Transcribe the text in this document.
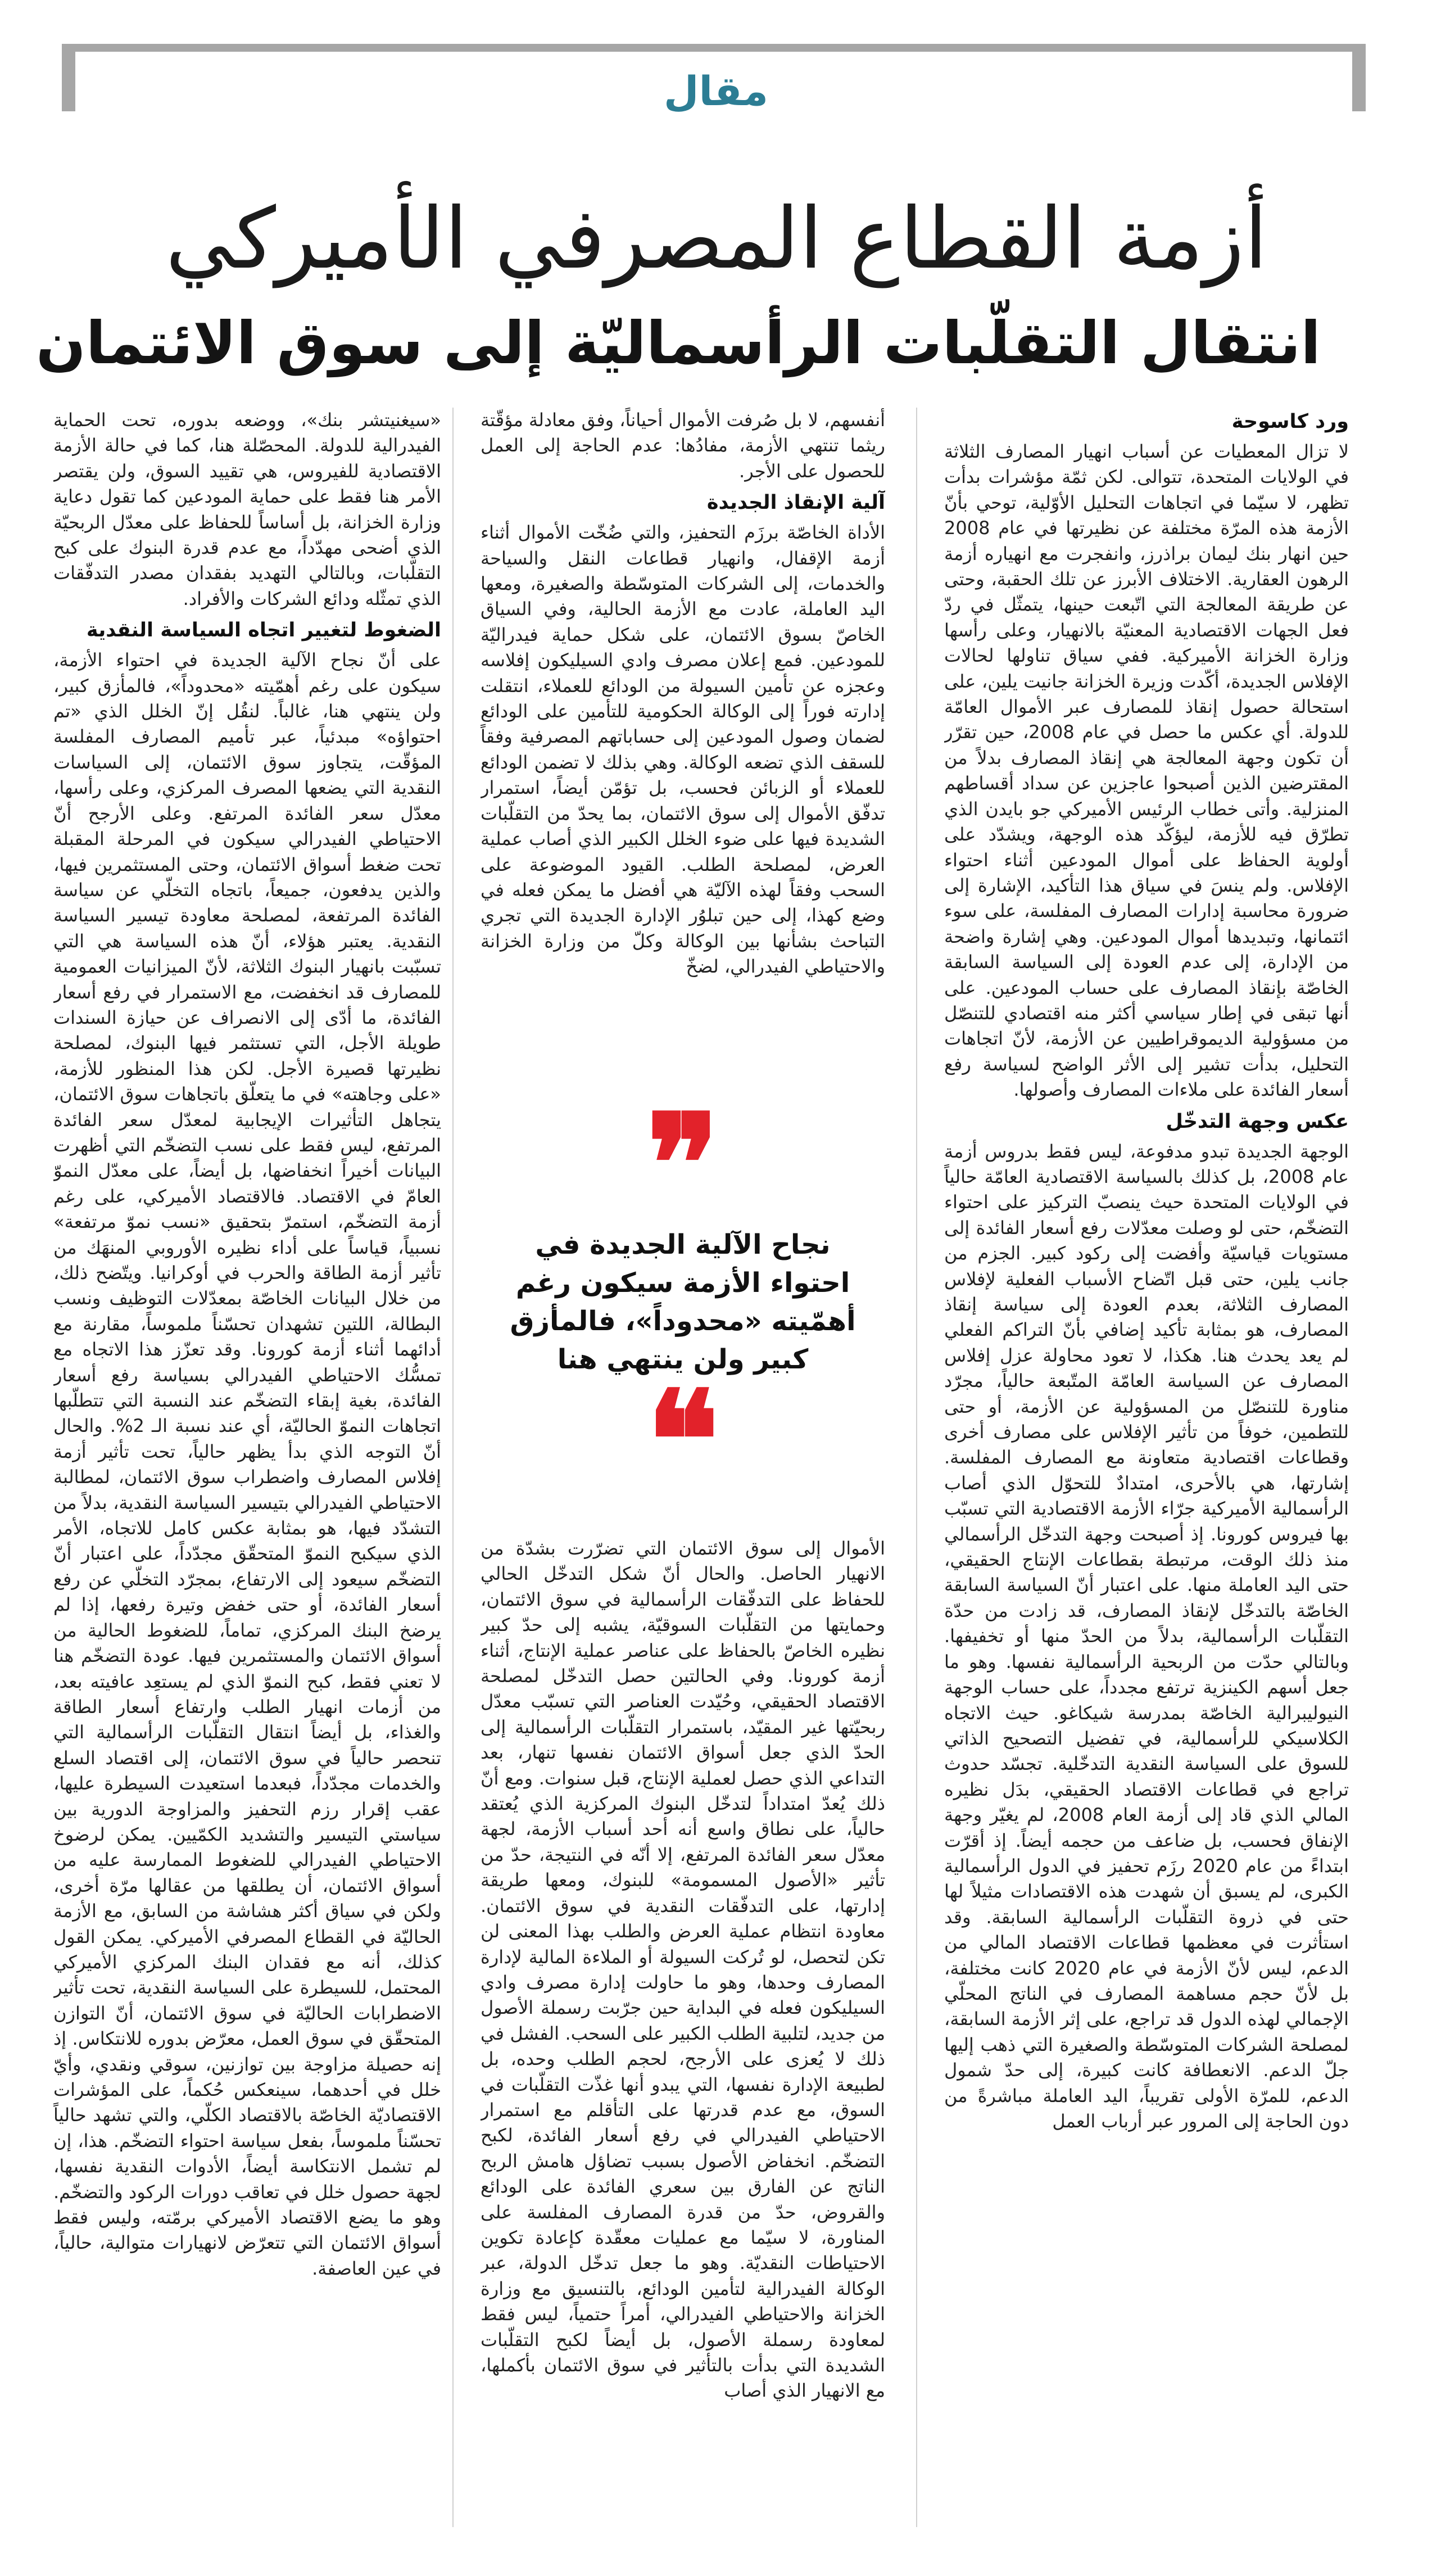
مقال
أزمة القطاع المصرفي الأميركي
انتقال التقلّبات الرأسماليّة إلى سوق الائتمان
ورد كاسوحة

لا تزال المعطيات عن أسباب انهيار المصارف الثلاثة في الولايات المتحدة، تتوالى. لكن ثمّة مؤشرات بدأت تظهر، لا سيّما في اتجاهات التحليل الأوّلية، توحي بأنّ الأزمة هذه المرّة مختلفة عن نظيرتها في عام 2008 حين انهار بنك ليمان براذرز، وانفجرت مع انهياره أزمة الرهون العقارية. الاختلاف الأبرز عن تلك الحقبة، وحتى عن طريقة المعالجة التي اتّبعت حينها، يتمثّل في ردّ فعل الجهات الاقتصادية المعنيّة بالانهيار، وعلى رأسها وزارة الخزانة الأميركية. ففي سياق تناولها لحالات الإفلاس الجديدة، أكّدت وزيرة الخزانة جانيت يلين، على استحالة حصول إنقاذ للمصارف عبر الأموال العامّة للدولة. أي عكس ما حصل في عام 2008، حين تقرّر أن تكون وجهة المعالجة هي إنقاذ المصارف بدلاً من المقترضين الذين أصبحوا عاجزين عن سداد أقساطهم المنزلية. وأتى خطاب الرئيس الأميركي جو بايدن الذي تطرّق فيه للأزمة، ليؤكّد هذه الوجهة، ويشدّد على أولوية الحفاظ على أموال المودعين أثناء احتواء الإفلاس. ولم ينسَ في سياق هذا التأكيد، الإشارة إلى ضرورة محاسبة إدارات المصارف المفلسة، على سوء ائتمانها، وتبديدها أموال المودعين. وهي إشارة واضحة من الإدارة، إلى عدم العودة إلى السياسة السابقة الخاصّة بإنقاذ المصارف على حساب المودعين. على أنها تبقى في إطار سياسي أكثر منه اقتصادي للتنصّل من مسؤولية الديموقراطيين عن الأزمة، لأنّ اتجاهات التحليل، بدأت تشير إلى الأثر الواضح لسياسة رفع أسعار الفائدة على ملاءات المصارف وأصولها.

عكس وجهة التدخّل

الوجهة الجديدة تبدو مدفوعة، ليس فقط بدروس أزمة عام 2008، بل كذلك بالسياسة الاقتصادية العامّة حالياً في الولايات المتحدة حيث ينصبّ التركيز على احتواء التضخّم، حتى لو وصلت معدّلات رفع أسعار الفائدة إلى مستويات قياسيّة وأفضت إلى ركود كبير. الجزم من جانب يلين، حتى قبل اتّضاح الأسباب الفعلية لإفلاس المصارف الثلاثة، بعدم العودة إلى سياسة إنقاذ المصارف، هو بمثابة تأكيد إضافي بأنّ التراكم الفعلي لم يعد يحدث هنا. هكذا، لا تعود محاولة عزل إفلاس المصارف عن السياسة العامّة المتّبعة حالياً، مجرّد مناورة للتنصّل من المسؤولية عن الأزمة، أو حتى للتطمين، خوفاً من تأثير الإفلاس على مصارف أخرى وقطاعات اقتصادية متعاونة مع المصارف المفلسة. إشارتها، هي بالأحرى، امتدادٌ للتحوّل الذي أصاب الرأسمالية الأميركية جرّاء الأزمة الاقتصادية التي تسبّب بها فيروس كورونا. إذ أصبحت وجهة التدخّل الرأسمالي منذ ذلك الوقت، مرتبطة بقطاعات الإنتاج الحقيقي، حتى اليد العاملة منها. على اعتبار أنّ السياسة السابقة الخاصّة بالتدخّل لإنقاذ المصارف، قد زادت من حدّة التقلّبات الرأسمالية، بدلاً من الحدّ منها أو تخفيفها. وبالتالي حدّت من الربحية الرأسمالية نفسها. وهو ما جعل أسهم الكينزية ترتفع مجدداً، على حساب الوجهة النيوليبرالية الخاصّة بمدرسة شيكاغو. حيث الاتجاه الكلاسيكي للرأسمالية، في تفضيل التصحيح الذاتي للسوق على السياسة النقدية التدخّلية. تجسّد حدوث تراجع في قطاعات الاقتصاد الحقيقي، بدَل نظيره المالي الذي قاد إلى أزمة العام 2008، لم يغيّر وجهة الإنفاق فحسب، بل ضاعف من حجمه أيضاً. إذ أقرّت ابتداءً من عام 2020 رزَم تحفيز في الدول الرأسمالية الكبرى، لم يسبق أن شهدت هذه الاقتصادات مثيلاً لها حتى في ذروة التقلّبات الرأسمالية السابقة. وقد استأثرت في معظمها قطاعات الاقتصاد المالي من الدعم، ليس لأنّ الأزمة في عام 2020 كانت مختلفة، بل لأنّ حجم مساهمة المصارف في الناتج المحلّي الإجمالي لهذه الدول قد تراجع، على إثر الأزمة السابقة، لمصلحة الشركات المتوسّطة والصغيرة التي ذهب إليها جلّ الدعم. الانعطافة كانت كبيرة، إلى حدّ شمول الدعم، للمرّة الأولى تقريباً، اليد العاملة مباشرةً من دون الحاجة إلى المرور عبر أرباب العمل

أنفسهم، لا بل صُرفت الأموال أحياناً، وفق معادلة مؤقّتة ريثما تنتهي الأزمة، مفادُها: عدم الحاجة إلى العمل للحصول على الأجر.

آلية الإنقاذ الجديدة

الأداة الخاصّة برزَم التحفيز، والتي ضُخّت الأموال أثناء أزمة الإقفال، وانهيار قطاعات النقل والسياحة والخدمات، إلى الشركات المتوسّطة والصغيرة، ومعها اليد العاملة، عادت مع الأزمة الحالية، وفي السياق الخاصّ بسوق الائتمان، على شكل حماية فيدراليّة للمودعين. فمع إعلان مصرف وادي السيليكون إفلاسه وعجزه عن تأمين السيولة من الودائع للعملاء، انتقلت إدارته فوراً إلى الوكالة الحكومية للتأمين على الودائع لضمان وصول المودعين إلى حساباتهم المصرفية وفقاً للسقف الذي تضعه الوكالة. وهي بذلك لا تضمن الودائع للعملاء أو الزبائن فحسب، بل تؤمّن أيضاً، استمرار تدفّق الأموال إلى سوق الائتمان، بما يحدّ من التقلّبات الشديدة فيها على ضوء الخلل الكبير الذي أصاب عملية العرض، لمصلحة الطلب. القيود الموضوعة على السحب وفقاً لهذه الآليّة هي أفضل ما يمكن فعله في وضع كهذا، إلى حين تبلوُر الإدارة الجديدة التي تجري التباحث بشأنها بين الوكالة وكلّ من وزارة الخزانة والاحتياطي الفيدرالي، لضخّ

❞
نجاح الآلية الجديدة في احتواء الأزمة سيكون رغم أهمّيته «محدوداً»، فالمأزق كبير ولن ينتهي هنا
❝

الأموال إلى سوق الائتمان التي تضرّرت بشدّة من الانهيار الحاصل. والحال أنّ شكل التدخّل الحالي للحفاظ على التدفّقات الرأسمالية في سوق الائتمان، وحمايتها من التقلّبات السوقيّة، يشبه إلى حدّ كبير نظيره الخاصّ بالحفاظ على عناصر عملية الإنتاج، أثناء أزمة كورونا. وفي الحالتين حصل التدخّل لمصلحة الاقتصاد الحقيقي، وحُيّدت العناصر التي تسبّب معدّل ربحيّتها غير المقيّد، باستمرار التقلّبات الرأسمالية إلى الحدّ الذي جعل أسواق الائتمان نفسها تنهار، بعد التداعي الذي حصل لعملية الإنتاج، قبل سنوات. ومع أنّ ذلك يُعدّ امتداداً لتدخّل البنوك المركزية الذي يُعتقد حالياً، على نطاق واسع أنه أحد أسباب الأزمة، لجهة معدّل سعر الفائدة المرتفع، إلا أنّه في النتيجة، حدّ من تأثير «الأصول المسمومة» للبنوك، ومعها طريقة إدارتها، على التدفّقات النقدية في سوق الائتمان. معاودة انتظام عملية العرض والطلب بهذا المعنى لن تكن لتحصل، لو تُركت السيولة أو الملاءة المالية لإدارة المصارف وحدها، وهو ما حاولت إدارة مصرف وادي السيليكون فعله في البداية حين جرّبت رسملة الأصول من جديد، لتلبية الطلب الكبير على السحب. الفشل في ذلك لا يُعزى على الأرجح، لحجم الطلب وحده، بل لطبيعة الإدارة نفسها، التي يبدو أنها غذّت التقلّبات في السوق، مع عدم قدرتها على التأقلم مع استمرار الاحتياطي الفيدرالي في رفع أسعار الفائدة، لكبح التضخّم. انخفاض الأصول بسبب تضاؤل هامش الربح الناتج عن الفارق بين سعري الفائدة على الودائع والقروض، حدّ من قدرة المصارف المفلسة على المناورة، لا سيّما مع عمليات معقّدة كإعادة تكوين الاحتياطات النقديّة. وهو ما جعل تدخّل الدولة، عبر الوكالة الفيدرالية لتأمين الودائع، بالتنسيق مع وزارة الخزانة والاحتياطي الفيدرالي، أمراً حتمياً، ليس فقط لمعاودة رسملة الأصول، بل أيضاً لكبح التقلّبات الشديدة التي بدأت بالتأثير في سوق الائتمان بأكملها، مع الانهيار الذي أصاب

«سيغنيتشر بنك»، ووضعه بدوره، تحت الحماية الفيدرالية للدولة. المحصّلة هنا، كما في حالة الأزمة الاقتصادية للفيروس، هي تقييد السوق، ولن يقتصر الأمر هنا فقط على حماية المودعين كما تقول دعاية وزارة الخزانة، بل أساساً للحفاظ على معدّل الربحيّة الذي أضحى مهدّداً، مع عدم قدرة البنوك على كبح التقلّبات، وبالتالي التهديد بفقدان مصدر التدفّقات الذي تمثّله ودائع الشركات والأفراد.

الضغوط لتغيير اتجاه السياسة النقدية

على أنّ نجاح الآلية الجديدة في احتواء الأزمة، سيكون على رغم أهمّيته «محدوداً»، فالمأزق كبير، ولن ينتهي هنا، غالباً. لنقُل إنّ الخلل الذي «تم احتواؤه» مبدئياً، عبر تأميم المصارف المفلسة المؤقّت، يتجاوز سوق الائتمان، إلى السياسات النقدية التي يضعها المصرف المركزي، وعلى رأسها، معدّل سعر الفائدة المرتفع. وعلى الأرجح أنّ الاحتياطي الفيدرالي سيكون في المرحلة المقبلة تحت ضغط أسواق الائتمان، وحتى المستثمرين فيها، والذين يدفعون، جميعاً، باتجاه التخلّي عن سياسة الفائدة المرتفعة، لمصلحة معاودة تيسير السياسة النقدية. يعتبر هؤلاء، أنّ هذه السياسة هي التي تسبّبت بانهيار البنوك الثلاثة، لأنّ الميزانيات العمومية للمصارف قد انخفضت، مع الاستمرار في رفع أسعار الفائدة، ما أدّى إلى الانصراف عن حيازة السندات طويلة الأجل، التي تستثمر فيها البنوك، لمصلحة نظيرتها قصيرة الأجل. لكن هذا المنظور للأزمة، «على وجاهته» في ما يتعلّق باتجاهات سوق الائتمان، يتجاهل التأثيرات الإيجابية لمعدّل سعر الفائدة المرتفع، ليس فقط على نسب التضخّم التي أظهرت البيانات أخيراً انخفاضها، بل أيضاً، على معدّل النموّ العامّ في الاقتصاد. فالاقتصاد الأميركي، على رغم أزمة التضخّم، استمرّ بتحقيق «نسب نموّ مرتفعة» نسبياً، قياساً على أداء نظيره الأوروبي المنهَك من تأثير أزمة الطاقة والحرب في أوكرانيا. ويتّضح ذلك، من خلال البيانات الخاصّة بمعدّلات التوظيف ونسب البطالة، اللتين تشهدان تحسّناً ملموساً، مقارنة مع أدائهما أثناء أزمة كورونا. وقد تعزّز هذا الاتجاه مع تمسُّك الاحتياطي الفيدرالي بسياسة رفع أسعار الفائدة، بغية إبقاء التضخّم عند النسبة التي تتطلّبها اتجاهات النموّ الحاليّة، أي عند نسبة الـ 2%. والحال أنّ التوجه الذي بدأ يظهر حالياً، تحت تأثير أزمة إفلاس المصارف واضطراب سوق الائتمان، لمطالبة الاحتياطي الفيدرالي بتيسير السياسة النقدية، بدلاً من التشدّد فيها، هو بمثابة عكس كامل للاتجاه، الأمر الذي سيكبح النموّ المتحقّق مجدّداً، على اعتبار أنّ التضخّم سيعود إلى الارتفاع، بمجرّد التخلّي عن رفع أسعار الفائدة، أو حتى خفض وتيرة رفعها، إذا لم يرضخ البنك المركزي، تماماً، للضغوط الحالية من أسواق الائتمان والمستثمرين فيها. عودة التضخّم هنا لا تعني فقط، كبح النموّ الذي لم يستعِد عافيته بعد، من أزمات انهيار الطلب وارتفاع أسعار الطاقة والغذاء، بل أيضاً انتقال التقلّبات الرأسمالية التي تنحصر حالياً في سوق الائتمان، إلى اقتصاد السلع والخدمات مجدّداً، فبعدما استعيدت السيطرة عليها، عقب إقرار رزم التحفيز والمزاوجة الدورية بين سياستي التيسير والتشديد الكمّيين. يمكن لرضوخ الاحتياطي الفيدرالي للضغوط الممارسة عليه من أسواق الائتمان، أن يطلقها من عقالها مرّة أخرى، ولكن في سياق أكثر هشاشة من السابق، مع الأزمة الحاليّة في القطاع المصرفي الأميركي. يمكن القول كذلك، أنه مع فقدان البنك المركزي الأميركي المحتمل، للسيطرة على السياسة النقدية، تحت تأثير الاضطرابات الحاليّة في سوق الائتمان، أنّ التوازن المتحقّق في سوق العمل، معرّض بدوره للانتكاس. إذ إنه حصيلة مزاوجة بين توازنين، سوقي ونقدي، وأيّ خلل في أحدهما، سينعكس حُكماً، على المؤشرات الاقتصاديّة الخاصّة بالاقتصاد الكلّي، والتي تشهد حالياً تحسّناً ملموساً، بفعل سياسة احتواء التضخّم. هذا، إن لم تشمل الانتكاسة أيضاً، الأدوات النقدية نفسها، لجهة حصول خلل في تعاقب دورات الركود والتضخّم. وهو ما يضع الاقتصاد الأميركي برمّته، وليس فقط أسواق الائتمان التي تتعرّض لانهيارات متوالية، حالياً، في عين العاصفة.
